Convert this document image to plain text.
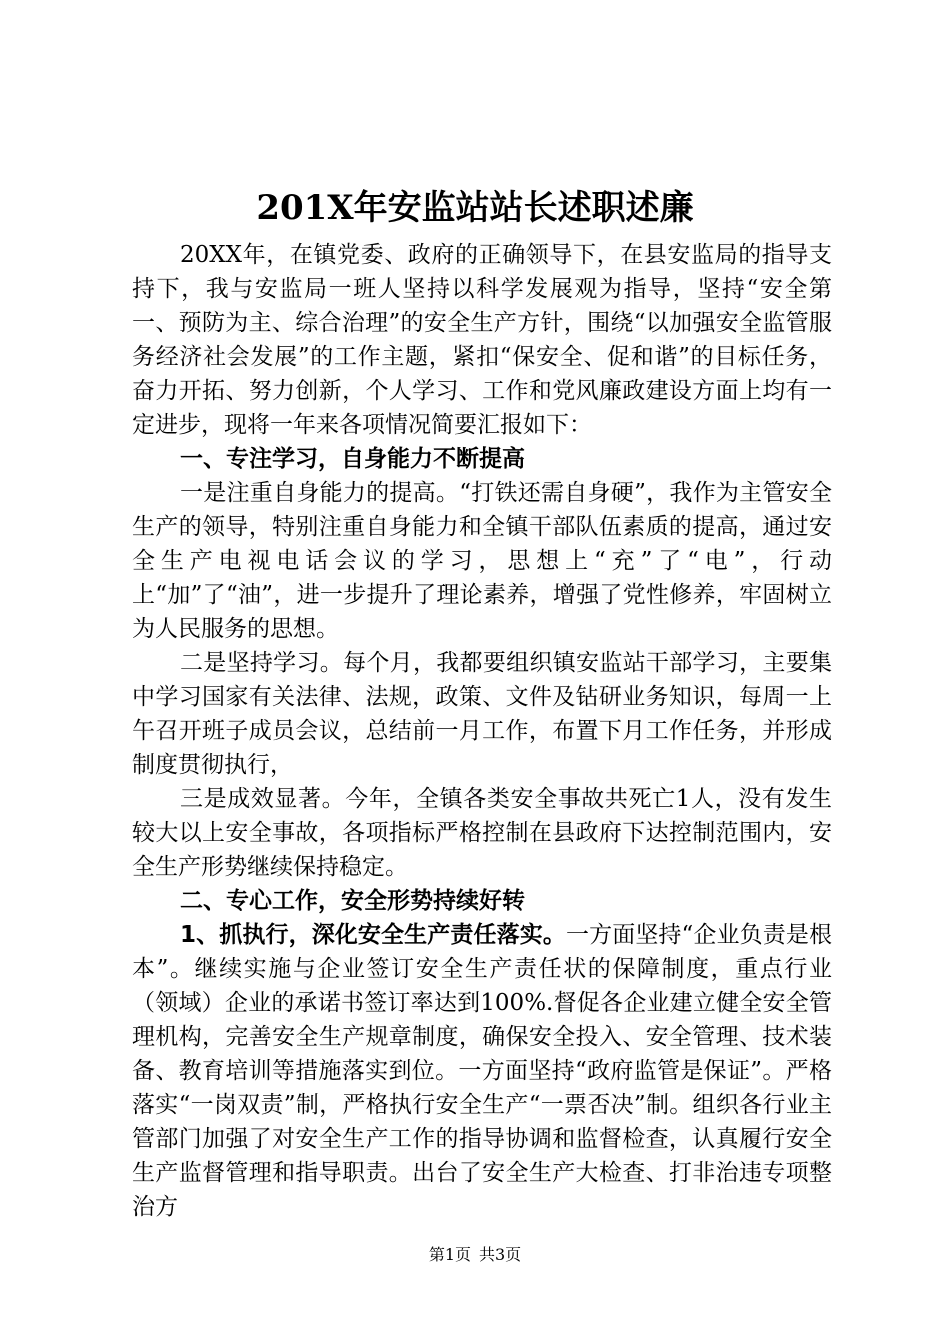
201X年安监站站长述职述廉

20XX年，在镇党委、政府的正确领导下，在县安监局的指导支持下，我与安监局一班人坚持以科学发展观为指导，坚持“安全第一、预防为主、综合治理”的安全生产方针，围绕“以加强安全监管服务经济社会发展”的工作主题，紧扣“保安全、促和谐”的目标任务，奋力开拓、努力创新，个人学习、工作和党风廉政建设方面上均有一定进步，现将一年来各项情况简要汇报如下：

一、专注学习，自身能力不断提高

一是注重自身能力的提高。“打铁还需自身硬”，我作为主管安全生产的领导，特别注重自身能力和全镇干部队伍素质的提高，通过安全生产电视电话会议的学习，思想上“充”了“电”，行动上“加”了“油”，进一步提升了理论素养，增强了党性修养，牢固树立为人民服务的思想。

二是坚持学习。每个月，我都要组织镇安监站干部学习，主要集中学习国家有关法律、法规，政策、文件及钻研业务知识，每周一上午召开班子成员会议，总结前一月工作，布置下月工作任务，并形成制度贯彻执行，

三是成效显著。今年，全镇各类安全事故共死亡1人，没有发生较大以上安全事故，各项指标严格控制在县政府下达控制范围内，安全生产形势继续保持稳定。

二、专心工作，安全形势持续好转

1、抓执行，深化安全生产责任落实。一方面坚持“企业负责是根本”。继续实施与企业签订安全生产责任状的保障制度，重点行业（领域）企业的承诺书签订率达到100%.督促各企业建立健全安全管理机构，完善安全生产规章制度，确保安全投入、安全管理、技术装备、教育培训等措施落实到位。一方面坚持“政府监管是保证”。严格落实“一岗双责”制，严格执行安全生产“一票否决”制。组织各行业主管部门加强了对安全生产工作的指导协调和监督检查，认真履行安全生产监督管理和指导职责。出台了安全生产大检查、打非治违专项整治方

第1页 共3页
